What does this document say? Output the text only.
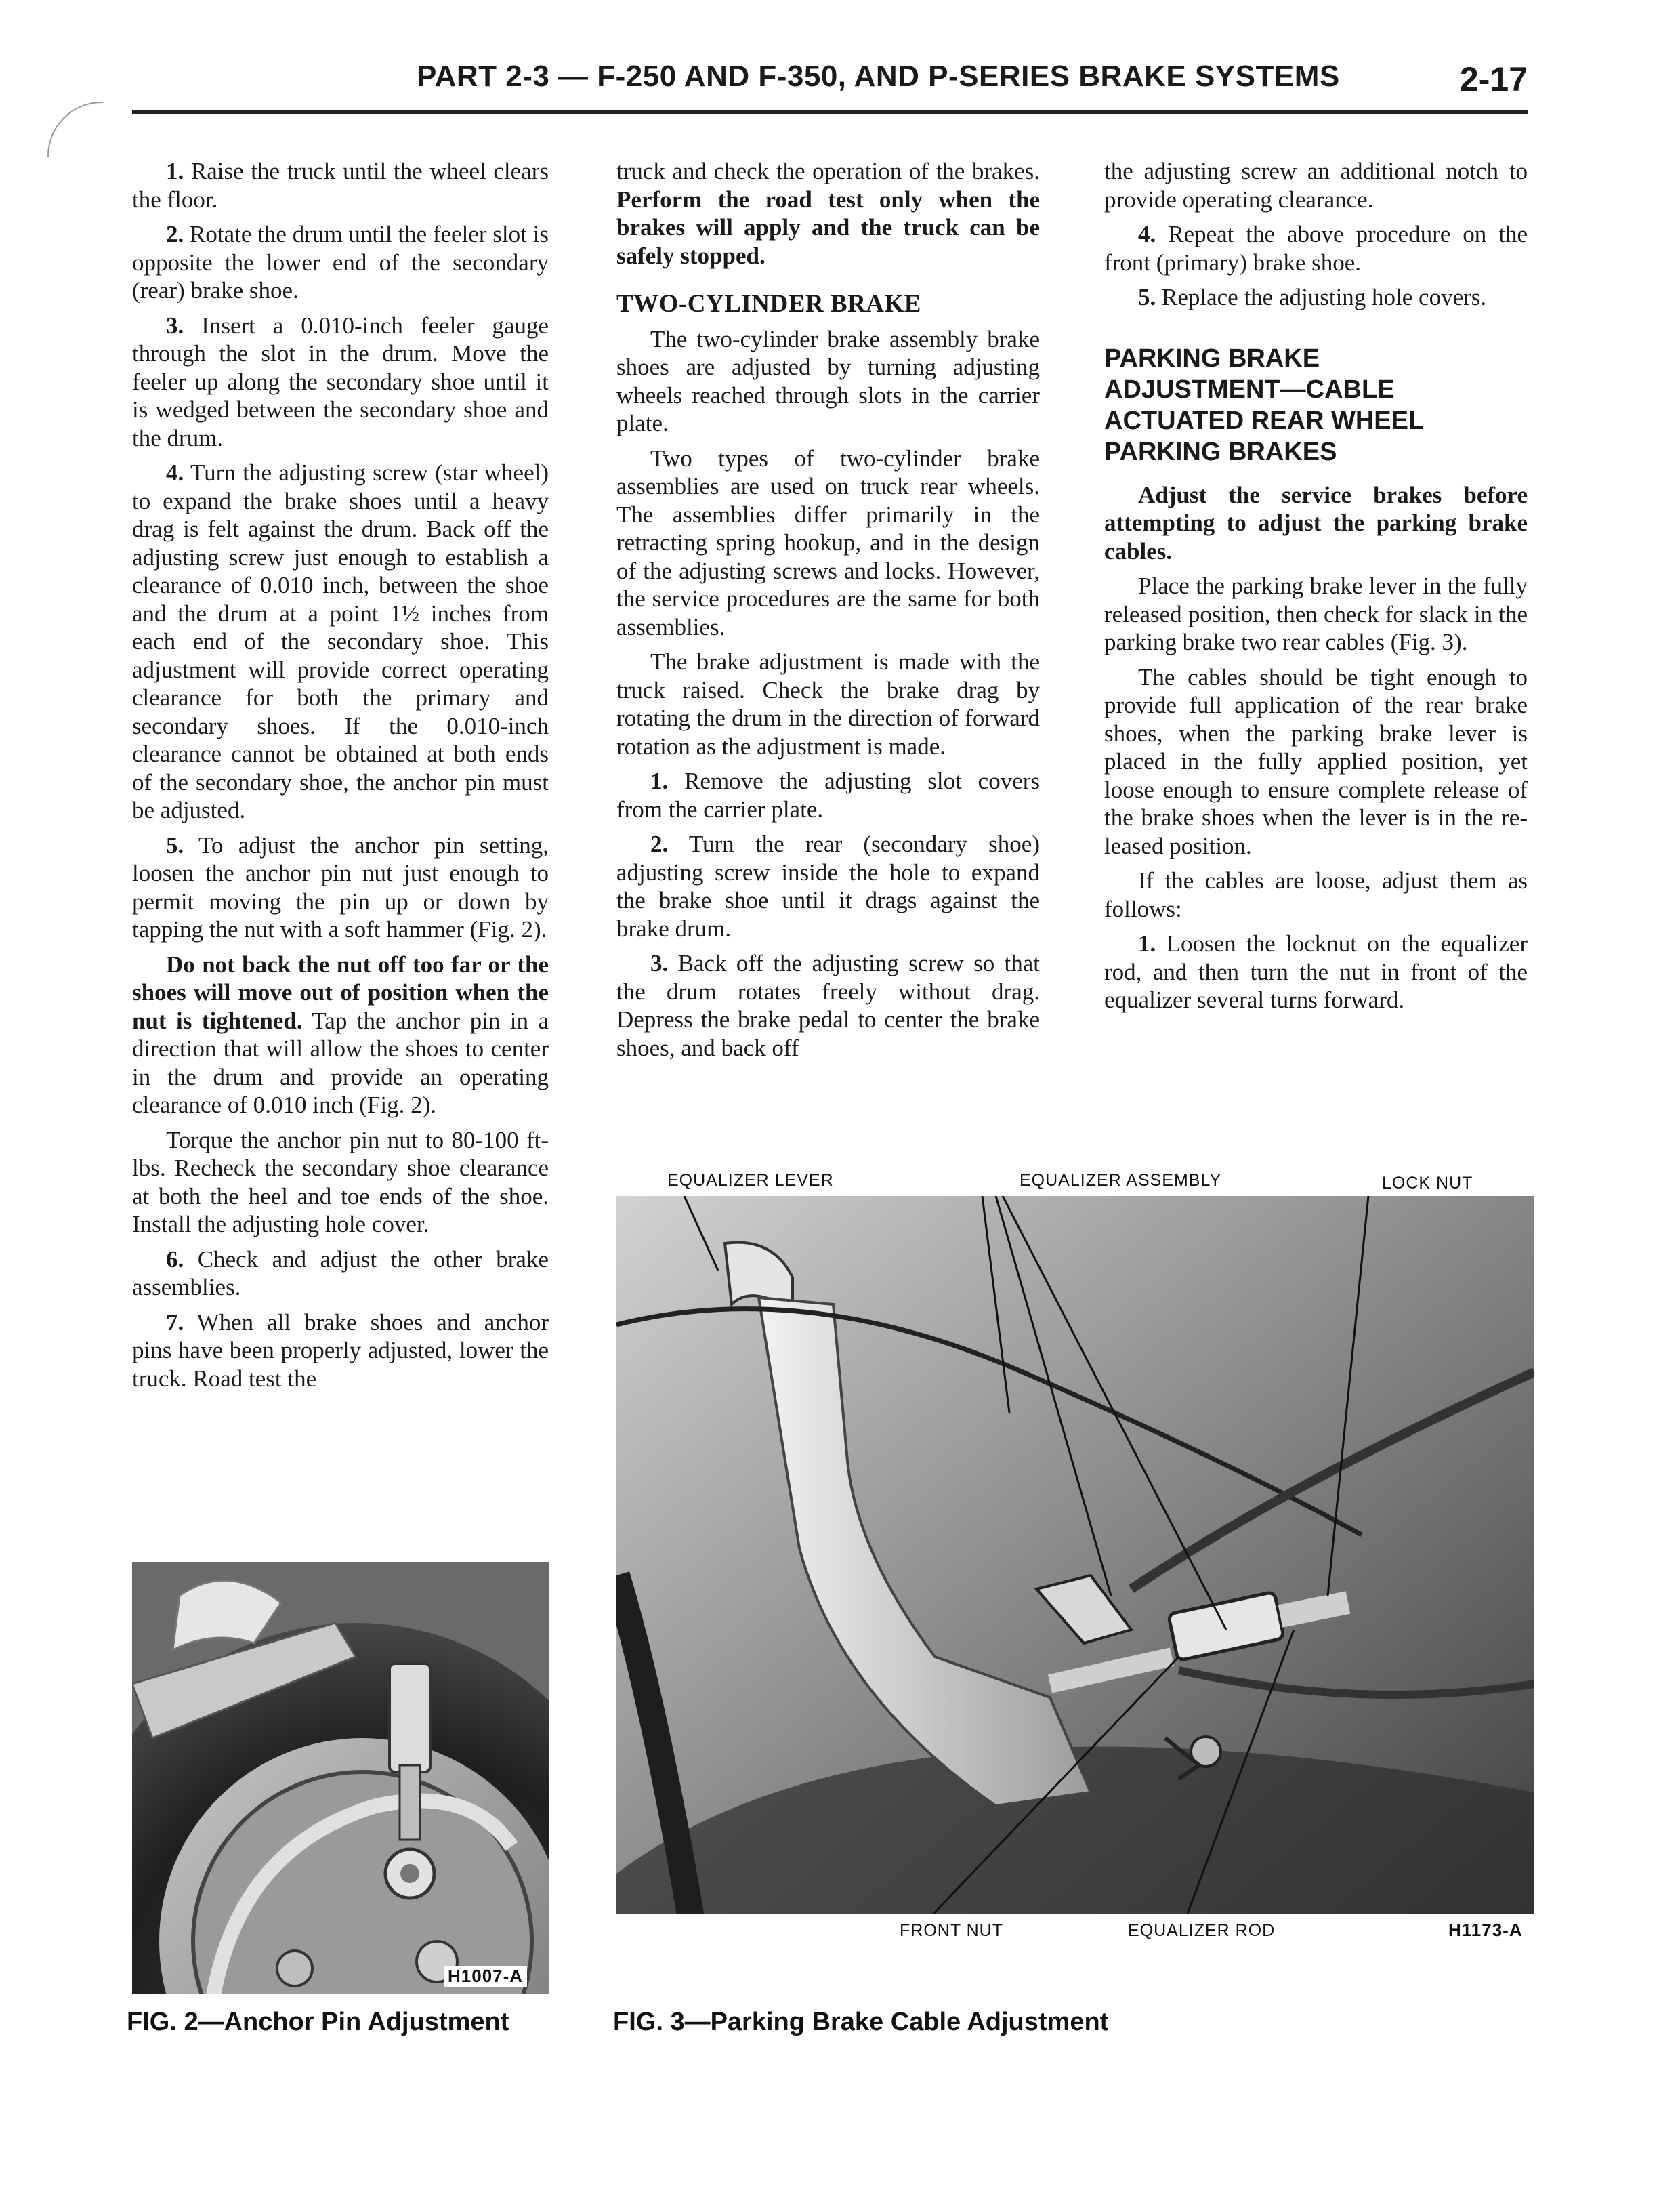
PART 2-3 — F-250 AND F-350, AND P-SERIES BRAKE SYSTEMS	2-17

1. Raise the truck until the wheel clears the floor.

2. Rotate the drum until the feeler slot is opposite the lower end of the secondary (rear) brake shoe.

3. Insert a 0.010-inch feeler gauge through the slot in the drum. Move the feeler up along the secondary shoe until it is wedged between the secondary shoe and the drum.

4. Turn the adjusting screw (star wheel) to expand the brake shoes until a heavy drag is felt against the drum. Back off the adjusting screw just enough to establish a clearance of 0.010 inch, between the shoe and the drum at a point 1½ inches from each end of the secondary shoe. This adjustment will provide correct operating clearance for both the primary and secondary shoes. If the 0.010-inch clearance cannot be obtained at both ends of the secondary shoe, the anchor pin must be adjusted.

5. To adjust the anchor pin setting, loosen the anchor pin nut just enough to permit moving the pin up or down by tapping the nut with a soft hammer (Fig. 2).

Do not back the nut off too far or the shoes will move out of position when the nut is tightened. Tap the anchor pin in a direction that will allow the shoes to center in the drum and provide an operating clearance of 0.010 inch (Fig. 2).

Torque the anchor pin nut to 80-100 ft-lbs. Recheck the secondary shoe clearance at both the heel and toe ends of the shoe. Install the adjusting hole cover.

6. Check and adjust the other brake assemblies.

7. When all brake shoes and anchor pins have been properly adjusted, lower the truck. Road test the

truck and check the operation of the brakes. Perform the road test only when the brakes will apply and the truck can be safely stopped.

TWO-CYLINDER BRAKE

The two-cylinder brake assembly brake shoes are adjusted by turning adjusting wheels reached through slots in the carrier plate.

Two types of two-cylinder brake assemblies are used on truck rear wheels. The assemblies differ primarily in the retracting spring hookup, and in the design of the adjusting screws and locks. However, the service procedures are the same for both assemblies.

The brake adjustment is made with the truck raised. Check the brake drag by rotating the drum in the direction of forward rotation as the adjustment is made.

1. Remove the adjusting slot covers from the carrier plate.

2. Turn the rear (secondary shoe) adjusting screw inside the hole to expand the brake shoe until it drags against the brake drum.

3. Back off the adjusting screw so that the drum rotates freely without drag. Depress the brake pedal to center the brake shoes, and back off

the adjusting screw an additional notch to provide operating clearance.

4. Repeat the above procedure on the front (primary) brake shoe.

5. Replace the adjusting hole covers.

PARKING BRAKE
ADJUSTMENT—CABLE
ACTUATED REAR WHEEL
PARKING BRAKES

Adjust the service brakes before attempting to adjust the parking brake cables.

Place the parking brake lever in the fully released position, then check for slack in the parking brake two rear cables (Fig. 3).

The cables should be tight enough to provide full application of the rear brake shoes, when the parking brake lever is placed in the fully applied position, yet loose enough to ensure complete release of the brake shoes when the lever is in the released position.

If the cables are loose, adjust them as follows:

1. Loosen the locknut on the equalizer rod, and then turn the nut in front of the equalizer several turns forward.

H1007-A
FIG. 2—Anchor Pin Adjustment
EQUALIZER LEVER	EQUALIZER ASSEMBLY	LOCK NUT
FRONT NUT	EQUALIZER ROD	H1173-A
FIG. 3—Parking Brake Cable Adjustment
